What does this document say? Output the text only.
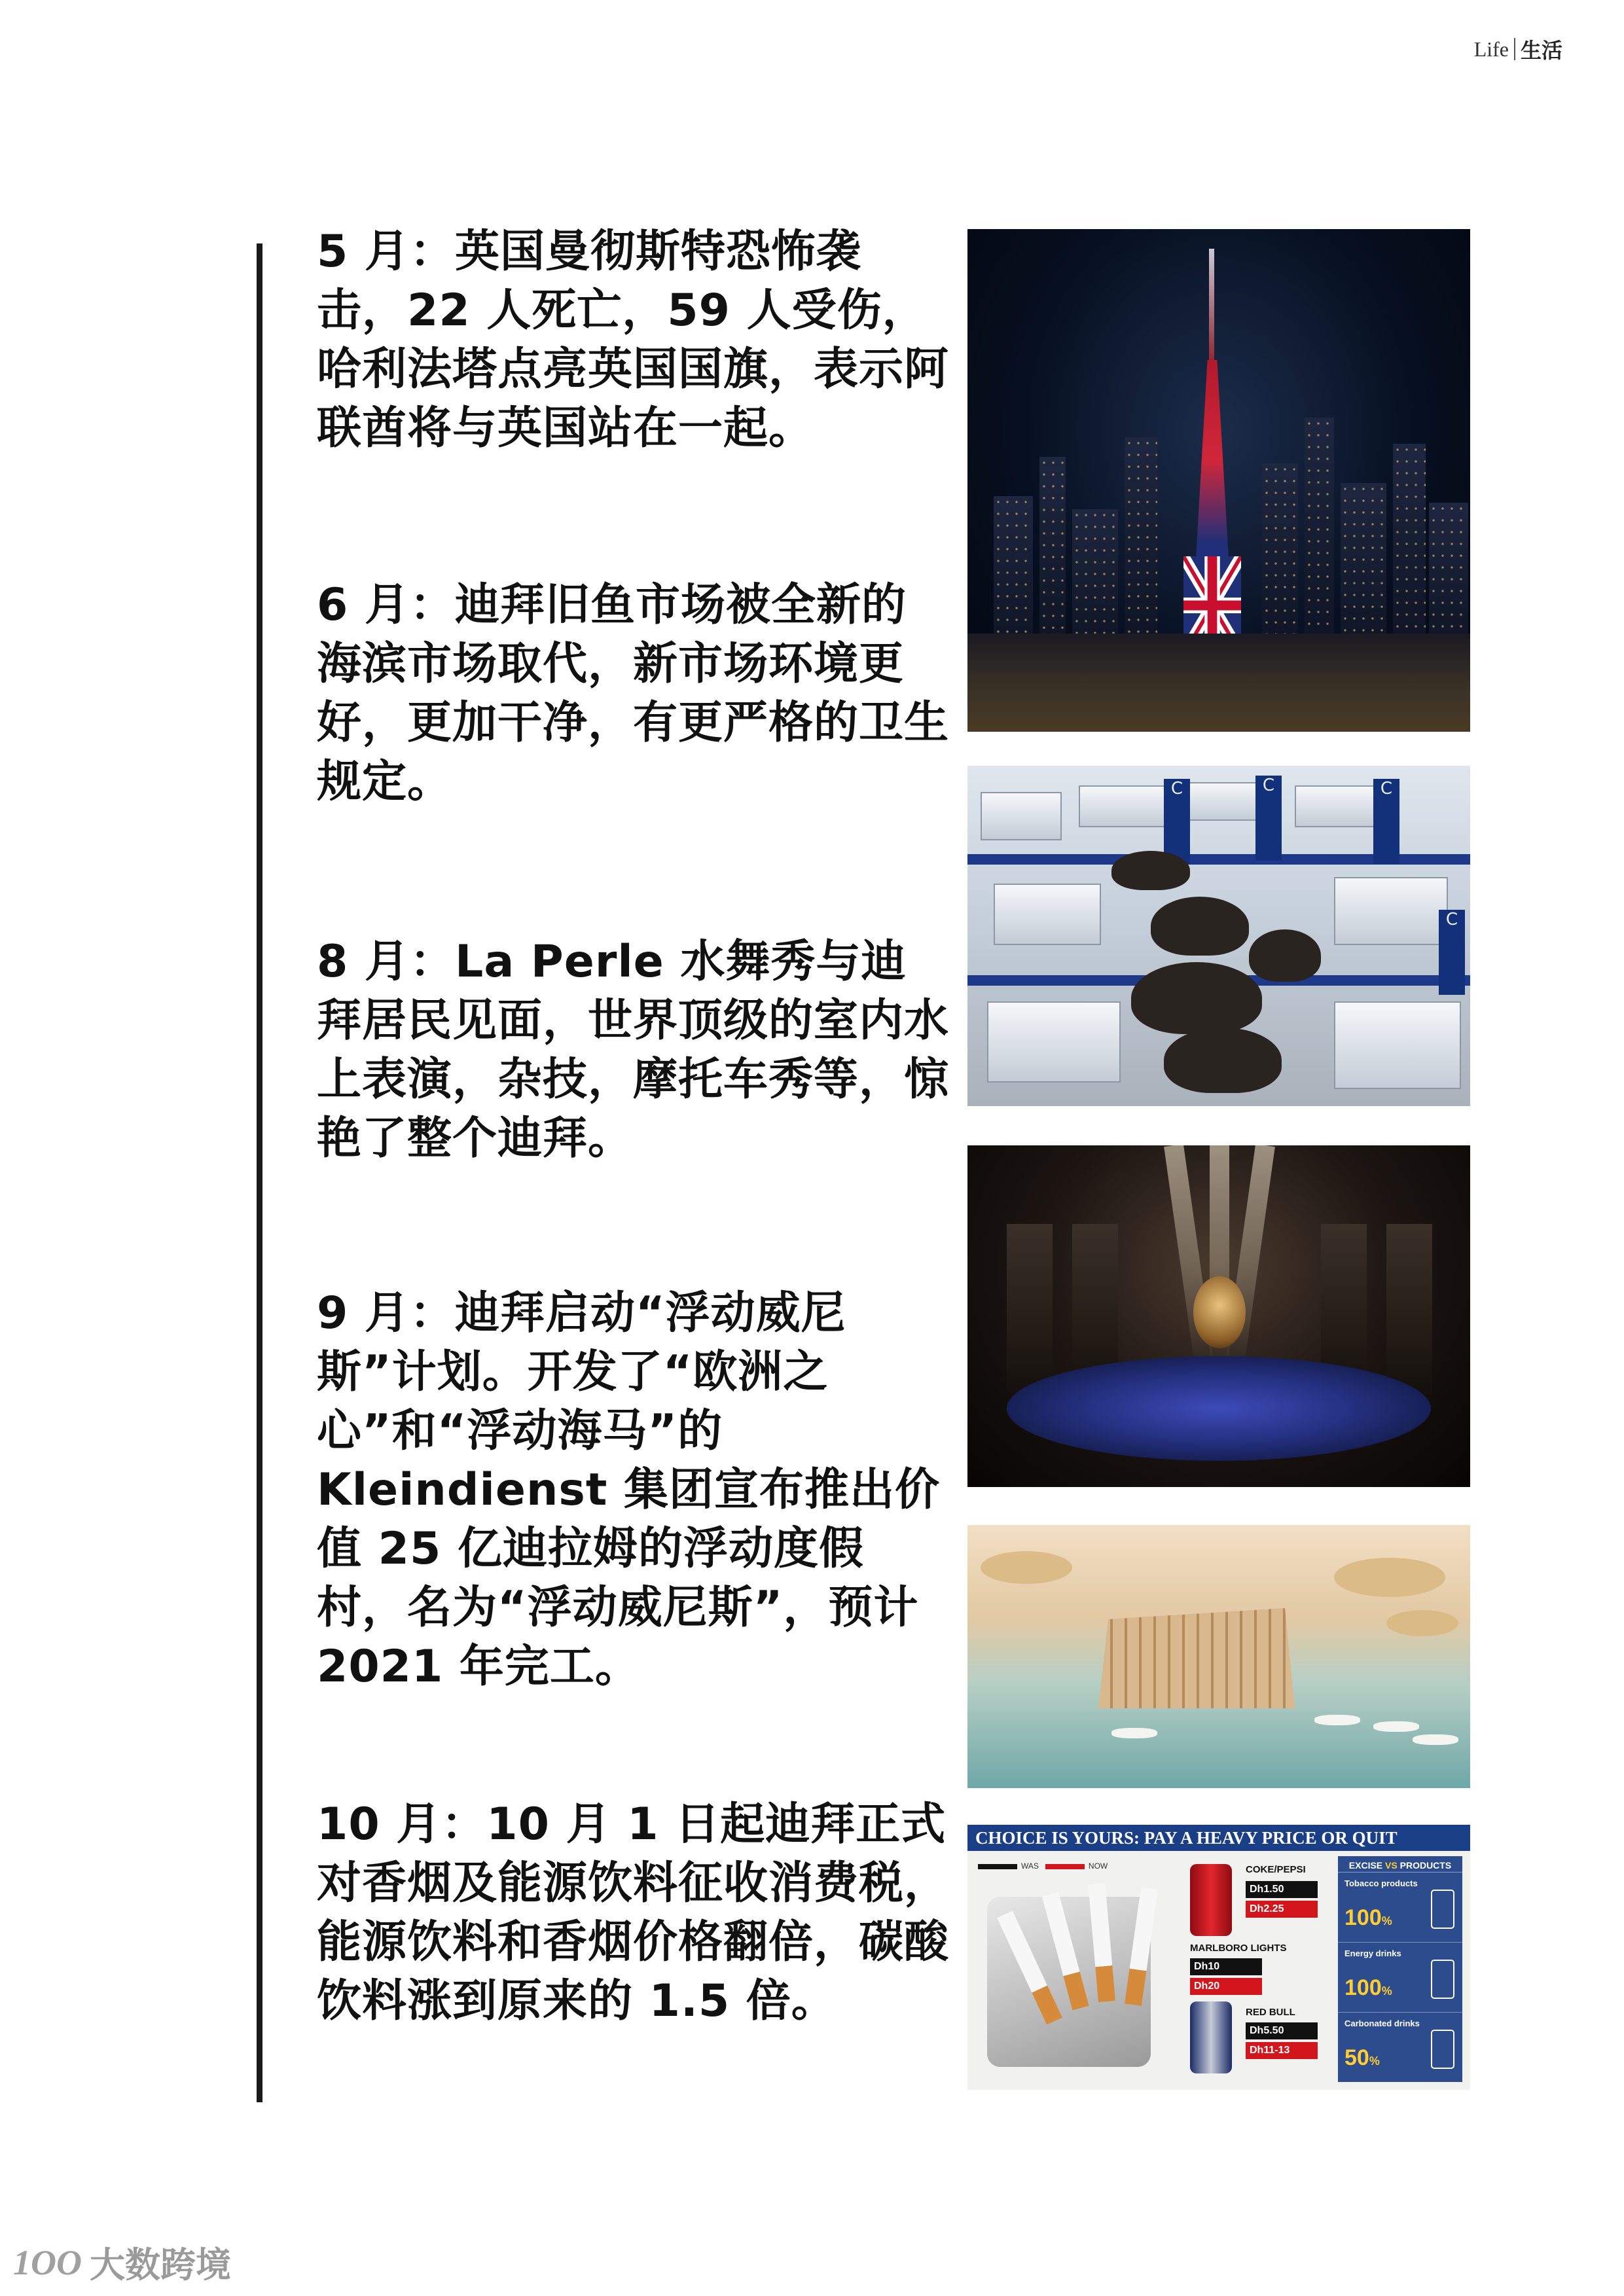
Life 生活
5 月：英国曼彻斯特恐怖袭击，22 人死亡，59 人受伤，哈利法塔点亮英国国旗，表示阿联酋将与英国站在一起。
6 月：迪拜旧鱼市场被全新的海滨市场取代，新市场环境更好，更加干净，有更严格的卫生规定。
8 月：La Perle 水舞秀与迪拜居民见面，世界顶级的室内水上表演，杂技，摩托车秀等，惊艳了整个迪拜。
9 月：迪拜启动“浮动威尼斯”计划。开发了“欧洲之心”和“浮动海马”的 Kleindienst 集团宣布推出价值 25 亿迪拉姆的浮动度假村，名为“浮动威尼斯”，预计 2021 年完工。
10 月：10 月 1 日起迪拜正式对香烟及能源饮料征收消费税，能源饮料和香烟价格翻倍，碳酸饮料涨到原来的 1.5 倍。
C	C	C
C
CHOICE IS YOURS: PAY A HEAVY PRICE OR QUIT
WAS	NOW	COKE/PEPSI
Dh1.50
Dh2.25
MARLBORO LIGHTS
Dh10
Dh20
RED BULL
Dh5.50
Dh11-13
EXCISE VS PRODUCTS
Tobacco products
100%
Energy drinks
100%
Carbonated drinks
50%
1OO 大数跨境
